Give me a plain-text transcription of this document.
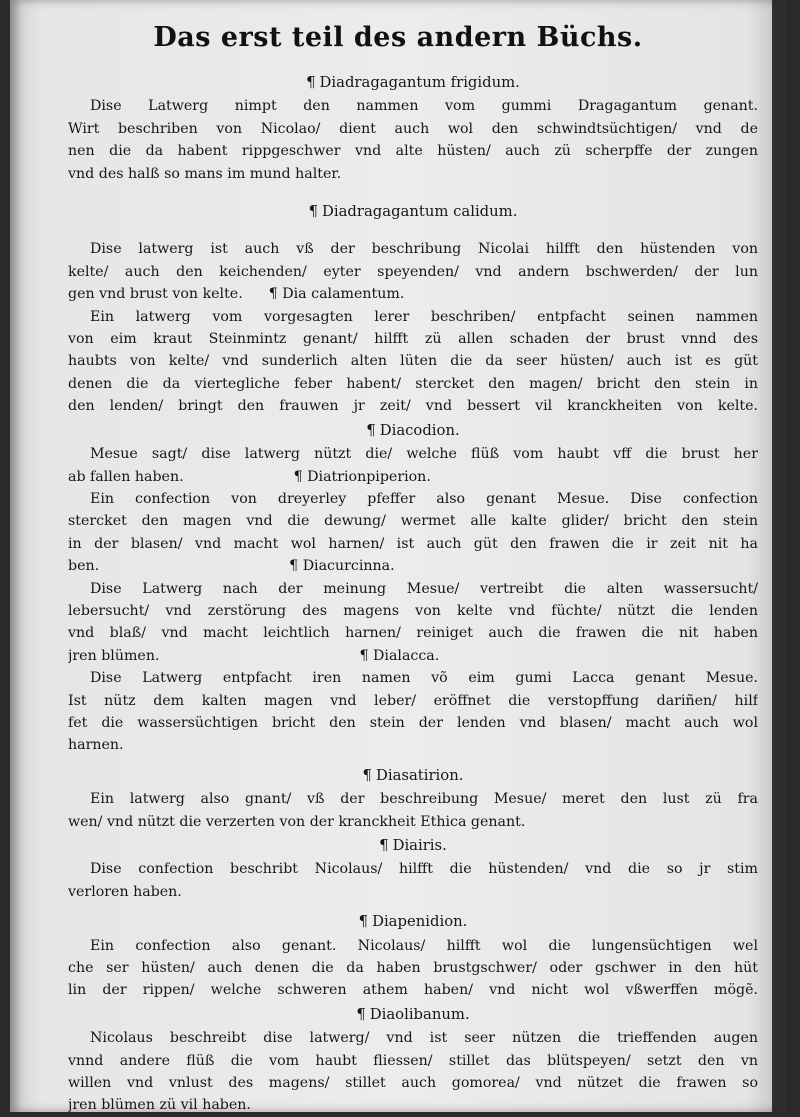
Das erst teil des andern Büchs.
¶ Diadragagantum frigidum.
Dise Latwerg nimpt den nammen vom gummi Dragagantum genant.
Wirt beschriben von Nicolao/ dient auch wol den schwindtsüchtigen/ vnd de
nen die da habent rippgeschwer vnd alte hüsten/ auch zü scherpffe der zungen
vnd des halß so mans im mund halter.
¶ Diadragagantum calidum.
Dise latwerg ist auch vß der beschribung Nicolai hilfft den hüstenden von
kelte/ auch den keichenden/ eyter speyenden/ vnd andern bschwerden/ der lun
gen vnd brust von kelte. ¶ Dia calamentum.
Ein latwerg vom vorgesagten lerer beschriben/ entpfacht seinen nammen
von eim kraut Steinmintz genant/ hilfft zü allen schaden der brust vnnd des
haubts von kelte/ vnd sunderlich alten lüten die da seer hüsten/ auch ist es güt
denen die da viertegliche feber habent/ stercket den magen/ bricht den stein in
den lenden/ bringt den frauwen jr zeit/ vnd bessert vil kranckheiten von kelte.
¶ Diacodion.
Mesue sagt/ dise latwerg nützt die/ welche flüß vom haubt vff die brust her
ab fallen haben.	¶ Diatrionpiperion.
Ein confection von dreyerley pfeffer also genant Mesue. Dise confection
stercket den magen vnd die dewung/ wermet alle kalte glider/ bricht den stein
in der blasen/ vnd macht wol harnen/ ist auch güt den frawen die ir zeit nit ha
ben.	¶ Diacurcinna.
Dise Latwerg nach der meinung Mesue/ vertreibt die alten wassersucht/
lebersucht/ vnd zerstörung des magens von kelte vnd füchte/ nützt die lenden
vnd blaß/ vnd macht leichtlich harnen/ reiniget auch die frawen die nit haben
jren blümen.	¶ Dialacca.
Dise Latwerg entpfacht iren namen võ eim gumi Lacca genant Mesue.
Ist nütz dem kalten magen vnd leber/ eröffnet die verstopffung dariñen/ hilf
fet die wassersüchtigen bricht den stein der lenden vnd blasen/ macht auch wol
harnen.
¶ Diasatirion.
Ein latwerg also gnant/ vß der beschreibung Mesue/ meret den lust zü fra
wen/ vnd nützt die verzerten von der kranckheit Ethica genant.
¶ Diairis.
Dise confection beschribt Nicolaus/ hilfft die hüstenden/ vnd die so jr stim
verloren haben.
¶ Diapenidion.
Ein confection also genant. Nicolaus/ hilfft wol die lungensüchtigen wel
che ser hüsten/ auch denen die da haben brustgschwer/ oder gschwer in den hüt
lin der rippen/ welche schweren athem haben/ vnd nicht wol vßwerffen mögẽ.
¶ Diaolibanum.
Nicolaus beschreibt dise latwerg/ vnd ist seer nützen die trieffenden augen
vnnd andere flüß die vom haubt fliessen/ stillet das blütspeyen/ setzt den vn
willen vnd vnlust des magens/ stillet auch gomorea/ vnd nützet die frawen so
jren blümen zü vil haben.
